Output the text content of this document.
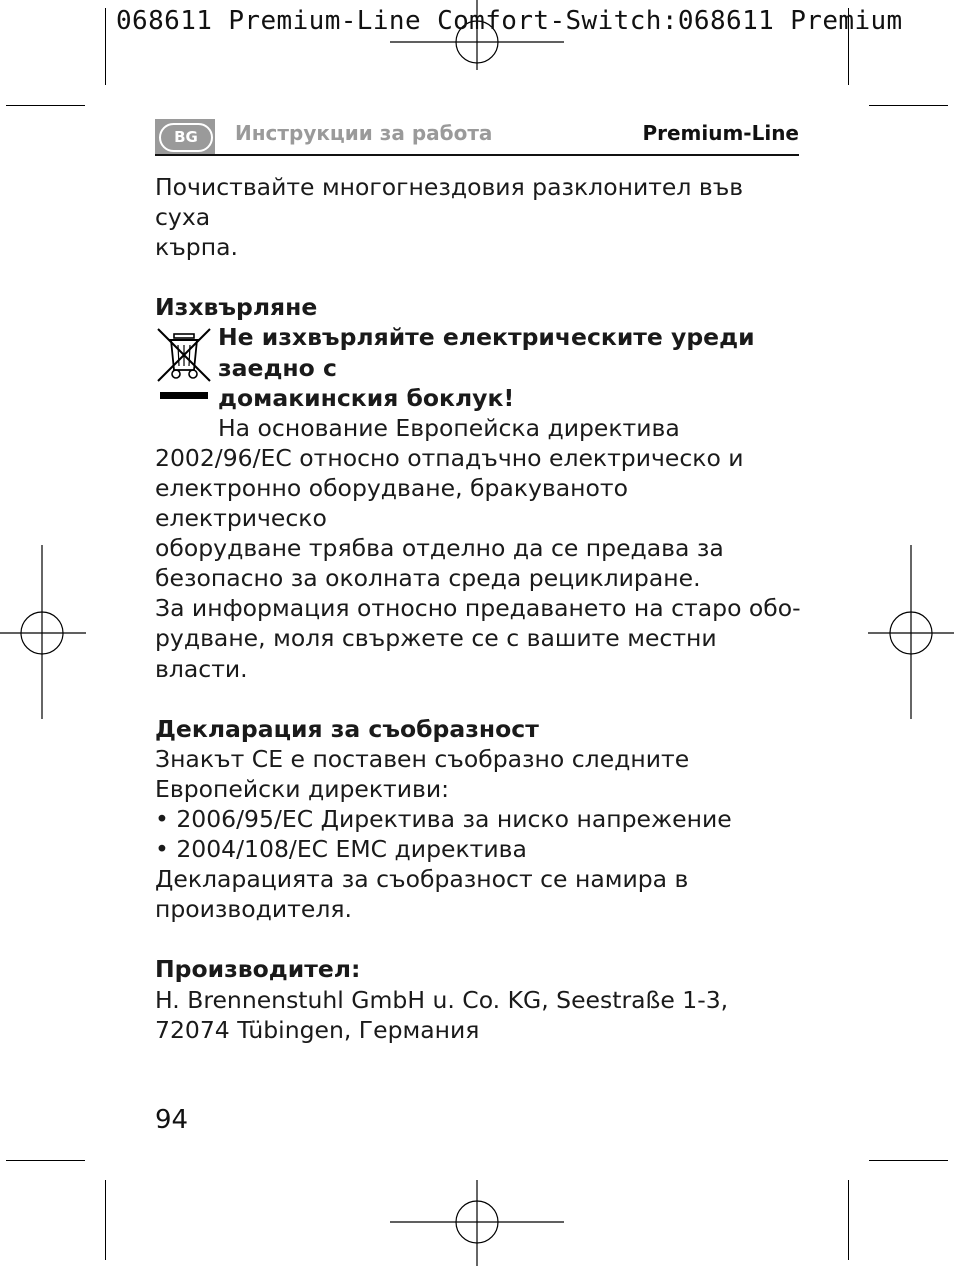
068611 Premium-Line Comfort-Switch:068611 Premium
BG	Инструкции за работа	Premium-Line

Почиствайте многогнездовия разклонител във суха

кърпа.

Изхвърляне

Не изхвърляйте електрическите уреди заедно с

домакинския боклук!

На основание Европейска директива

2002/96/ЕС относно отпадъчно електрическо и

електронно оборудване, бракуваното електрическо

оборудване трябва отделно да се предава за

безопасно за околната среда рециклиране.

За информация относно предаването на старо обо-

рудване, моля свържете се с вашите местни власти.

Декларация за съобразност

Знакът СЕ е поставен съобразно следните

Европейски директиви:

• 2006/95/ЕС Директива за ниско напрежение

• 2004/108/ЕС ЕМС директива

Декларацията за съобразност се намира в

производителя.

Производител:

H. Brennenstuhl GmbH u. Co. KG, Seestraße 1-3,

72074 Tübingen, Германия

94
